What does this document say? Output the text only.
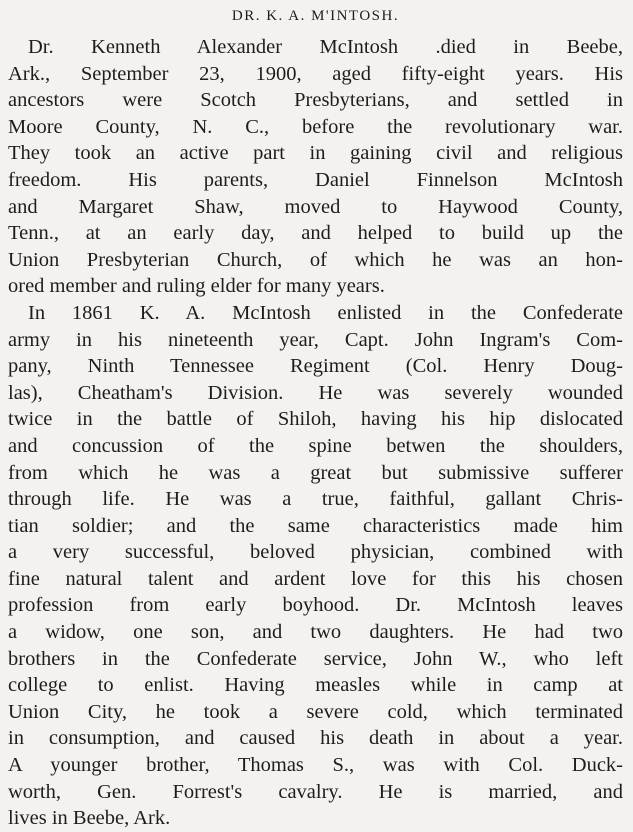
DR. K. A. M'INTOSH.
Dr. Kenneth Alexander McIntosh .died in Beebe,
Ark., September 23, 1900, aged fifty-eight years. His
ancestors were Scotch Presbyterians, and settled in
Moore County, N. C., before the revolutionary war.
They took an active part in gaining civil and religious
freedom. His parents, Daniel Finnelson McIntosh
and Margaret Shaw, moved to Haywood County,
Tenn., at an early day, and helped to build up the
Union Presbyterian Church, of which he was an hon-
ored member and ruling elder for many years.
In 1861 K. A. McIntosh enlisted in the Confederate
army in his nineteenth year, Capt. John Ingram's Com-
pany, Ninth Tennessee Regiment (Col. Henry Doug-
las), Cheatham's Division. He was severely wounded
twice in the battle of Shiloh, having his hip dislocated
and concussion of the spine betwen the shoulders,
from which he was a great but submissive sufferer
through life. He was a true, faithful, gallant Chris-
tian soldier; and the same characteristics made him
a very successful, beloved physician, combined with
fine natural talent and ardent love for this his chosen
profession from early boyhood. Dr. McIntosh leaves
a widow, one son, and two daughters. He had two
brothers in the Confederate service, John W., who left
college to enlist. Having measles while in camp at
Union City, he took a severe cold, which terminated
in consumption, and caused his death in about a year.
A younger brother, Thomas S., was with Col. Duck-
worth, Gen. Forrest's cavalry. He is married, and
lives in Beebe, Ark.
